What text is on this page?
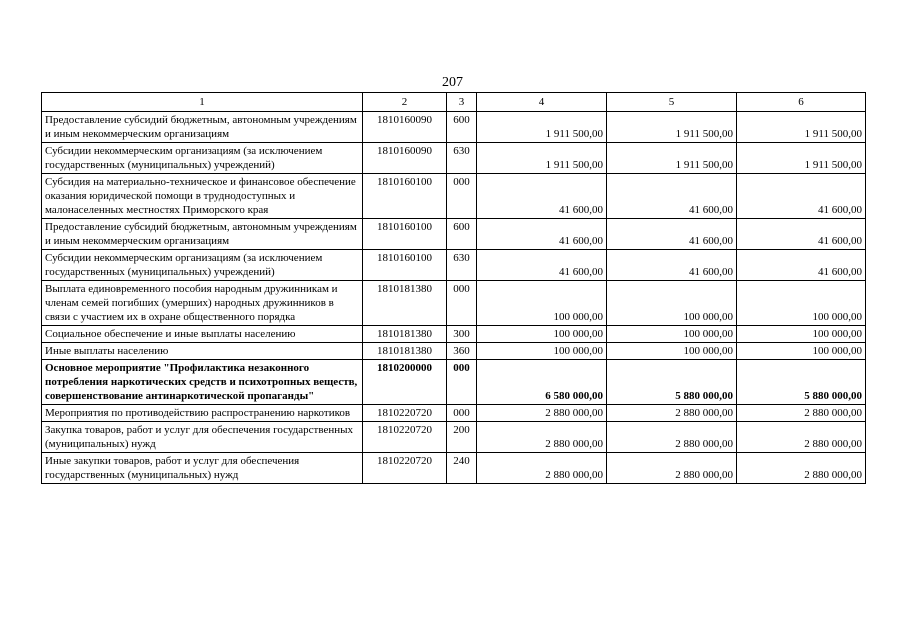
207
1	2	3	4	5	6
Предоставление субсидий бюджетным, автономным учреждениям и иным некоммерческим организациям	1810160090	600	1 911 500,00	1 911 500,00	1 911 500,00
Субсидии некоммерческим организациям (за исключением государственных (муниципальных) учреждений)	1810160090	630	1 911 500,00	1 911 500,00	1 911 500,00
Субсидия на материально-техническое и финансовое обеспечение оказания юридической помощи в труднодоступных и малонаселенных местностях Приморского края	1810160100	000	41 600,00	41 600,00	41 600,00
Предоставление субсидий бюджетным, автономным учреждениям и иным некоммерческим организациям	1810160100	600	41 600,00	41 600,00	41 600,00
Субсидии некоммерческим организациям (за исключением государственных (муниципальных) учреждений)	1810160100	630	41 600,00	41 600,00	41 600,00
Выплата единовременного пособия народным дружинникам и членам семей погибших (умерших) народных дружинников в связи с участием их в охране общественного порядка	1810181380	000	100 000,00	100 000,00	100 000,00
Социальное обеспечение и иные выплаты населению	1810181380	300	100 000,00	100 000,00	100 000,00
Иные выплаты населению	1810181380	360	100 000,00	100 000,00	100 000,00
Основное мероприятие "Профилактика незаконного потребления наркотических средств и психотропных веществ, совершенствование антинаркотической пропаганды"	1810200000	000	6 580 000,00	5 880 000,00	5 880 000,00
Мероприятия по противодействию распространению наркотиков	1810220720	000	2 880 000,00	2 880 000,00	2 880 000,00
Закупка товаров, работ и услуг для обеспечения государственных (муниципальных) нужд	1810220720	200	2 880 000,00	2 880 000,00	2 880 000,00
Иные закупки товаров, работ и услуг для обеспечения государственных (муниципальных) нужд	1810220720	240	2 880 000,00	2 880 000,00	2 880 000,00
